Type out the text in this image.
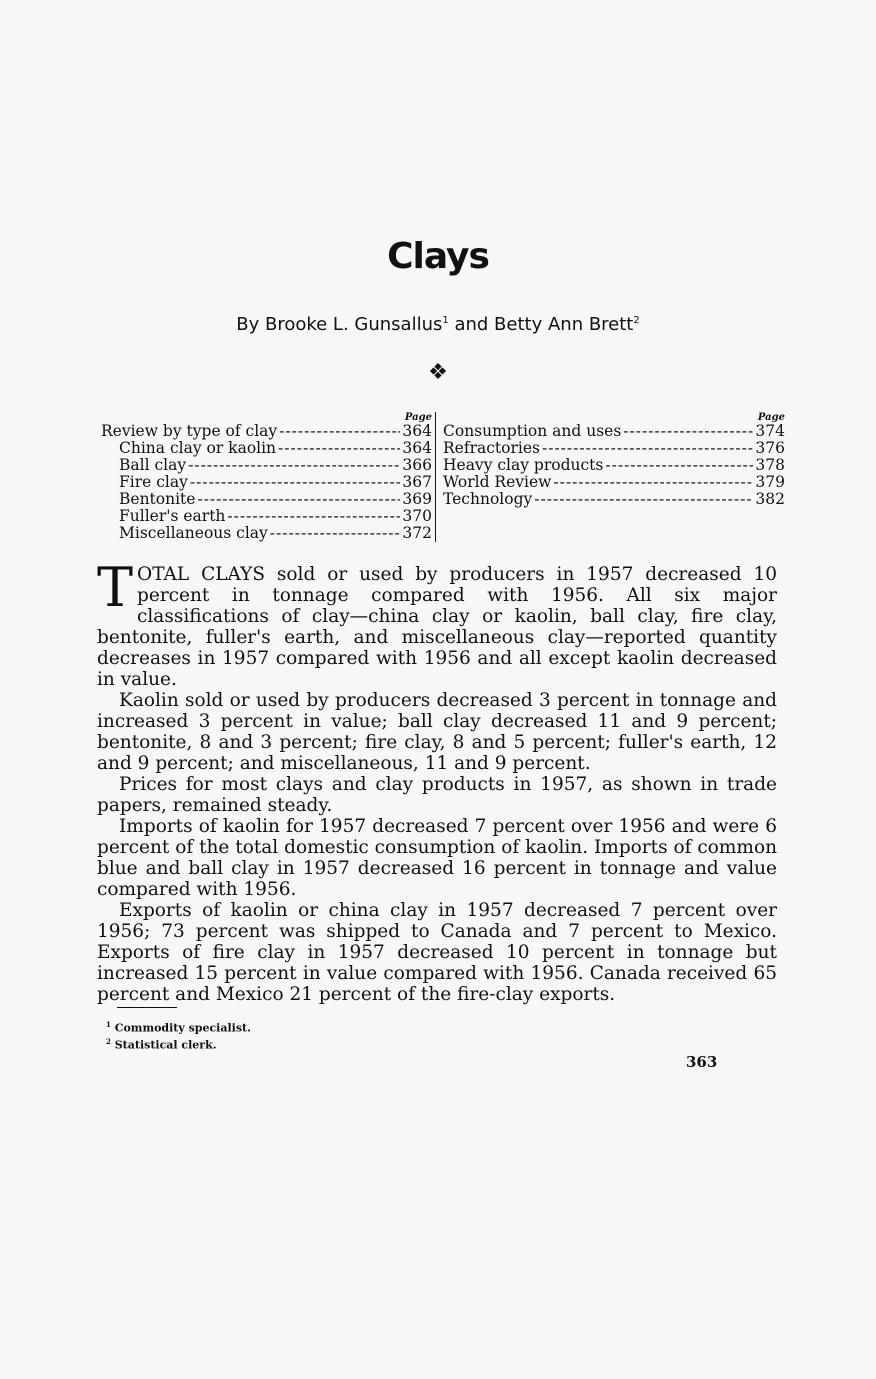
Clays
By Brooke L. Gunsallus$^1$ and Betty Ann Brett$^2$
❖
Page
Review by type of clay -----	364
China clay or kaolin -----	364
Ball clay -----	366
Fire clay -----	367
Bentonite -----	369
Fuller's earth -----	370
Miscellaneous clay -----	372
Page
Consumption and uses -----	374
Refractories -----	376
Heavy clay products -----	378
World Review -----	379
Technology -----	382

TOTAL CLAYS sold or used by producers in 1957 decreased 10 percent in tonnage compared with 1956. All six major classifications of clay—china clay or kaolin, ball clay, fire clay, bentonite, fuller's earth, and miscellaneous clay—reported quantity decreases in 1957 compared with 1956 and all except kaolin decreased in value.

Kaolin sold or used by producers decreased 3 percent in tonnage and increased 3 percent in value; ball clay decreased 11 and 9 percent; bentonite, 8 and 3 percent; fire clay, 8 and 5 percent; fuller's earth, 12 and 9 percent; and miscellaneous, 11 and 9 percent.

Prices for most clays and clay products in 1957, as shown in trade papers, remained steady.

Imports of kaolin for 1957 decreased 7 percent over 1956 and were 6 percent of the total domestic consumption of kaolin. Imports of common blue and ball clay in 1957 decreased 16 percent in tonnage and value compared with 1956.

Exports of kaolin or china clay in 1957 decreased 7 percent over 1956; 73 percent was shipped to Canada and 7 percent to Mexico. Exports of fire clay in 1957 decreased 10 percent in tonnage but increased 15 percent in value compared with 1956. Canada received 65 percent and Mexico 21 percent of the fire-clay exports.

$^1$ Commodity specialist.
$^2$ Statistical clerk.
363
